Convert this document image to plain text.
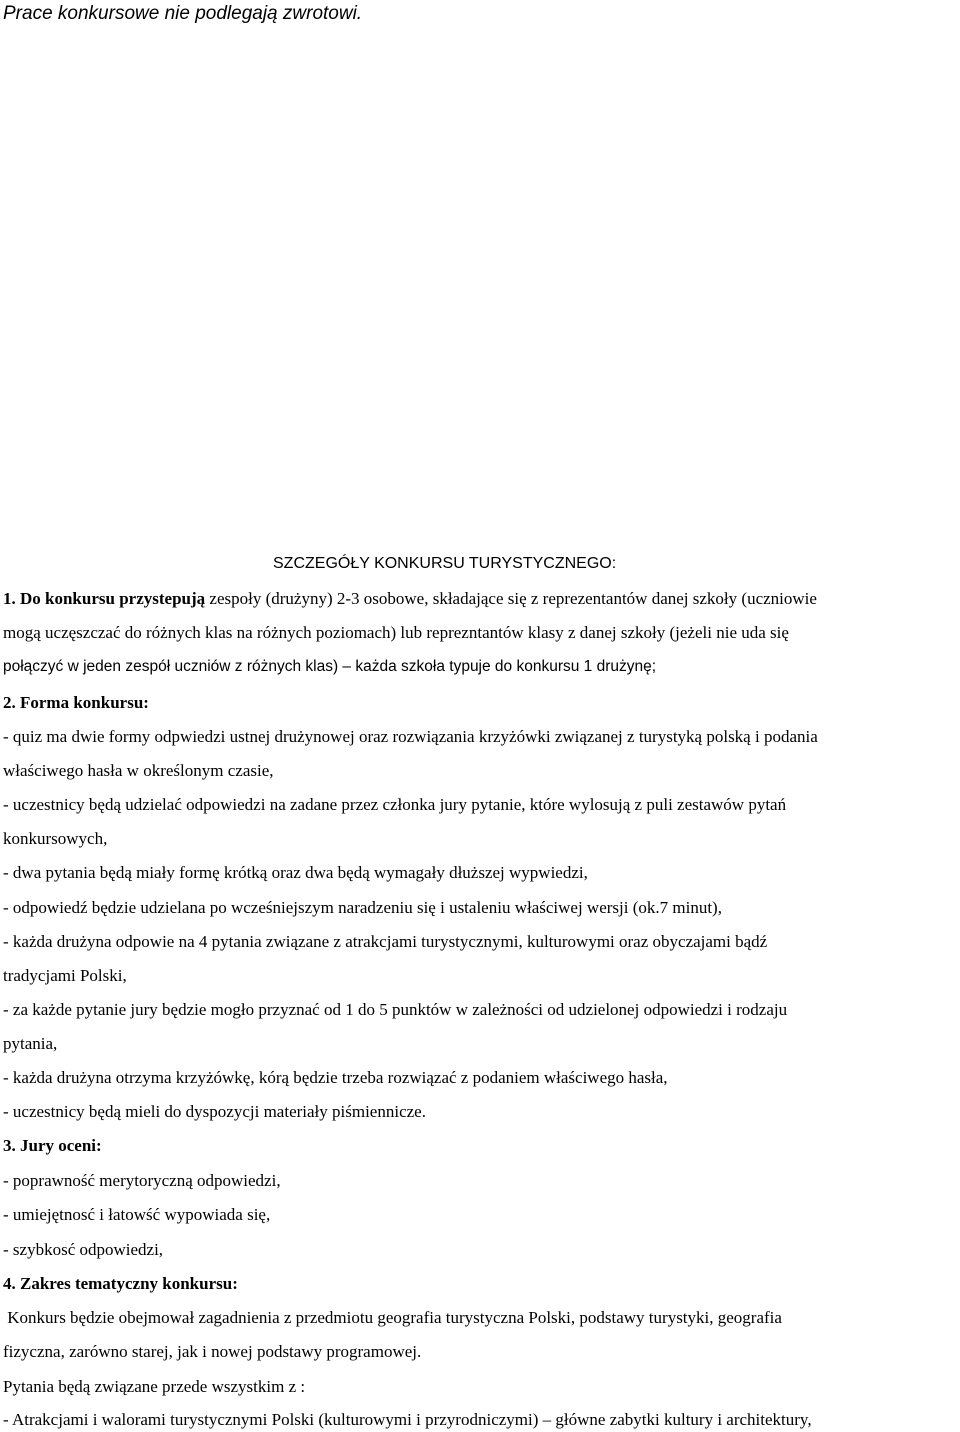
Prace konkursowe nie podlegają zwrotowi.
SZCZEGÓŁY KONKURSU TURYSTYCZNEGO:
1. Do konkursu przystepują zespoły (drużyny) 2-3 osobowe, składające się z reprezentantów danej szkoły (uczniowie
mogą uczęszczać do różnych klas na różnych poziomach) lub reprezntantów klasy z danej szkoły (jeżeli nie uda się
połączyć w jeden zespół uczniów z różnych klas) – każda szkoła typuje do konkursu 1 drużynę;
2. Forma konkursu:
- quiz ma dwie formy odpwiedzi ustnej drużynowej oraz rozwiązania krzyżówki związanej z turystyką polską i podania
właściwego hasła w określonym czasie,
- uczestnicy będą udzielać odpowiedzi na zadane przez członka jury pytanie, które wylosują z puli zestawów pytań
konkursowych,
- dwa pytania będą miały formę krótką oraz dwa będą wymagały dłuższej wypwiedzi,
- odpowiedź będzie udzielana po wcześniejszym naradzeniu się i ustaleniu właściwej wersji (ok.7 minut),
- każda drużyna odpowie na 4 pytania związane z atrakcjami turystycznymi, kulturowymi oraz obyczajami bądź
tradycjami Polski,
- za każde pytanie jury będzie mogło przyznać od 1 do 5 punktów w zależności od udzielonej odpowiedzi i rodzaju
pytania,
- każda drużyna otrzyma krzyżówkę, kórą będzie trzeba rozwiązać z podaniem właściwego hasła,
- uczestnicy będą mieli do dyspozycji materiały piśmiennicze.
3. Jury oceni:
- poprawność merytoryczną odpowiedzi,
- umiejętnosć i łatowść wypowiada się,
- szybkosć odpowiedzi,
4. Zakres tematyczny konkursu:
Konkurs będzie obejmował zagadnienia z przedmiotu geografia turystyczna Polski, podstawy turystyki, geografia
fizyczna, zarówno starej, jak i nowej podstawy programowej.
Pytania będą związane przede wszystkim z :
- Atrakcjami i walorami turystycznymi Polski (kulturowymi i przyrodniczymi) – główne zabytki kultury i architektury,
